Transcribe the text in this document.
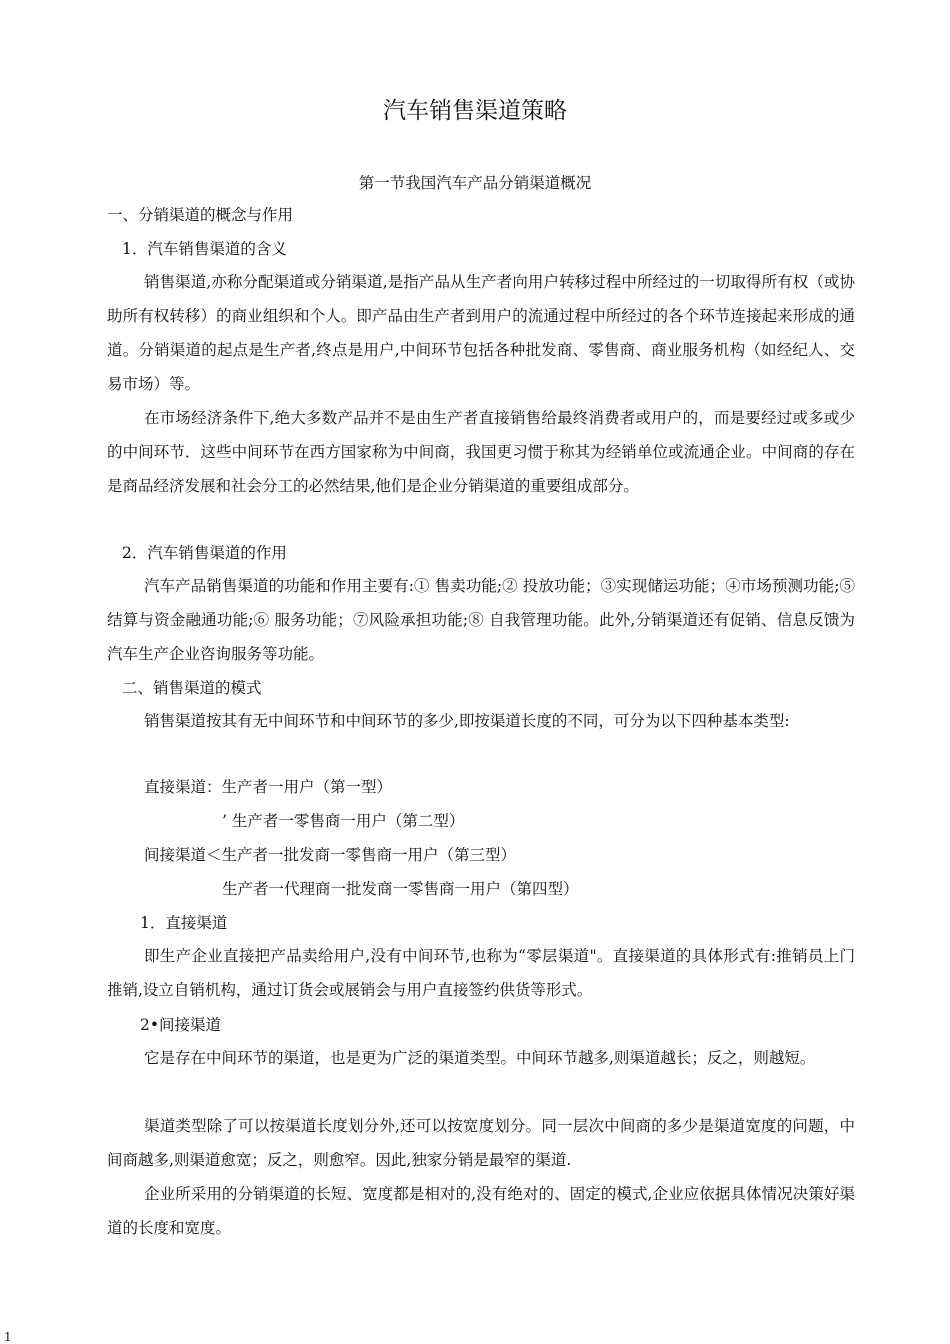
汽车销售渠道策略
第一节我国汽车产品分销渠道概况

一、分销渠道的概念与作用

1．汽车销售渠道的含义

销售渠道,亦称分配渠道或分销渠道,是指产品从生产者向用户转移过程中所经过的一切取得所有权（或协助所有权转移）的商业组织和个人。即产品由生产者到用户的流通过程中所经过的各个环节连接起来形成的通道。分销渠道的起点是生产者,终点是用户,中间环节包括各种批发商、零售商、商业服务机构（如经纪人、交易市场）等。

在市场经济条件下,绝大多数产品并不是由生产者直接销售给最终消费者或用户的，而是要经过或多或少的中间环节．这些中间环节在西方国家称为中间商，我国更习惯于称其为经销单位或流通企业。中间商的存在是商品经济发展和社会分工的必然结果,他们是企业分销渠道的重要组成部分。

2．汽车销售渠道的作用

汽车产品销售渠道的功能和作用主要有:① 售卖功能;② 投放功能；③实现储运功能；④市场预测功能;⑤ 结算与资金融通功能;⑥ 服务功能；⑦风险承担功能;⑧ 自我管理功能。此外,分销渠道还有促销、信息反馈为汽车生产企业咨询服务等功能。

二、销售渠道的模式

销售渠道按其有无中间环节和中间环节的多少,即按渠道长度的不同，可分为以下四种基本类型:

直接渠道：生产者一用户（第一型）

’ 生产者一零售商一用户（第二型）

间接渠道＜生产者一批发商一零售商一用户（第三型）

生产者一代理商一批发商一零售商一用户（第四型）

1．直接渠道

即生产企业直接把产品卖给用户,没有中间环节,也称为“零层渠道"。直接渠道的具体形式有:推销员上门推销,设立自销机构，通过订货会或展销会与用户直接签约供货等形式。

2•间接渠道

它是存在中间环节的渠道，也是更为广泛的渠道类型。中间环节越多,则渠道越长；反之，则越短。

渠道类型除了可以按渠道长度划分外,还可以按宽度划分。同一层次中间商的多少是渠道宽度的问题，中间商越多,则渠道愈宽；反之，则愈窄。因此,独家分销是最窄的渠道.

企业所采用的分销渠道的长短、宽度都是相对的,没有绝对的、固定的模式,企业应依据具体情况决策好渠道的长度和宽度。

1
